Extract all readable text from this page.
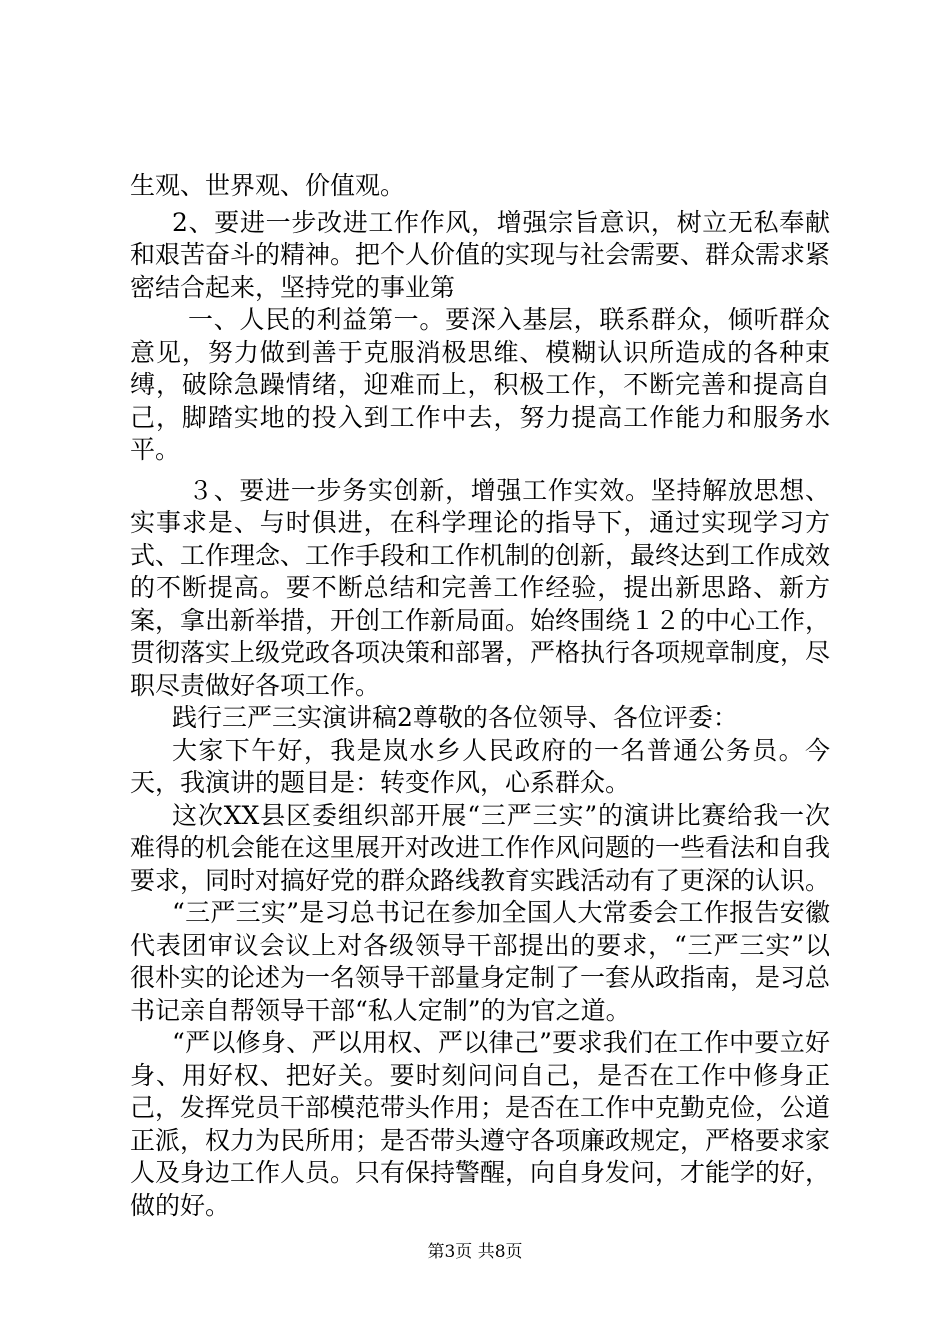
生观、世界观、价值观。

2、要进一步改进工作作风，增强宗旨意识，树立无私奉献和艰苦奋斗的精神。把个人价值的实现与社会需要、群众需求紧密结合起来，坚持党的事业第

一、人民的利益第一。要深入基层，联系群众，倾听群众意见，努力做到善于克服消极思维、模糊认识所造成的各种束缚，破除急躁情绪，迎难而上，积极工作，不断完善和提高自己，脚踏实地的投入到工作中去，努力提高工作能力和服务水平。

３、要进一步务实创新，增强工作实效。坚持解放思想、实事求是、与时俱进，在科学理论的指导下，通过实现学习方式、工作理念、工作手段和工作机制的创新，最终达到工作成效的不断提高。要不断总结和完善工作经验，提出新思路、新方案，拿出新举措，开创工作新局面。始终围绕１２的中心工作，贯彻落实上级党政各项决策和部署，严格执行各项规章制度，尽职尽责做好各项工作。

践行三严三实演讲稿2尊敬的各位领导、各位评委：

大家下午好，我是岚水乡人民政府的一名普通公务员。今天，我演讲的题目是：转变作风，心系群众。

这次XX县区委组织部开展“三严三实”的演讲比赛给我一次难得的机会能在这里展开对改进工作作风问题的一些看法和自我要求，同时对搞好党的群众路线教育实践活动有了更深的认识。

“三严三实”是习总书记在参加全国人大常委会工作报告安徽代表团审议会议上对各级领导干部提出的要求，“三严三实”以很朴实的论述为一名领导干部量身定制了一套从政指南，是习总书记亲自帮领导干部“私人定制”的为官之道。

“严以修身、严以用权、严以律己”要求我们在工作中要立好身、用好权、把好关。要时刻问问自己，是否在工作中修身正己，发挥党员干部模范带头作用；是否在工作中克勤克俭，公道正派，权力为民所用；是否带头遵守各项廉政规定，严格要求家人及身边工作人员。只有保持警醒，向自身发问，才能学的好，做的好。

第3页 共8页
